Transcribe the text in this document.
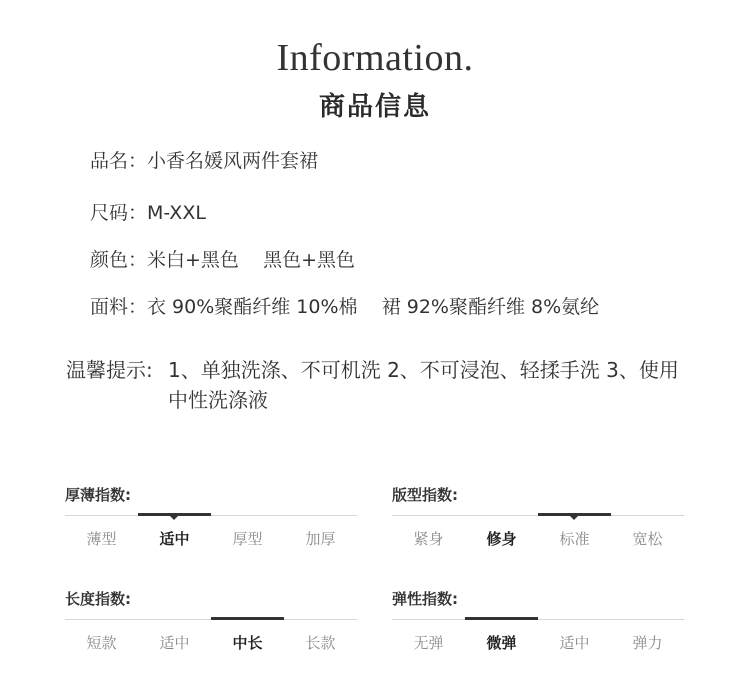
Information.
商品信息
品名：小香名媛风两件套裙
尺码：M-XXL
颜色：米白+黑色    黑色+黑色
面料：衣 90%聚酯纤维 10%棉    裙 92%聚酯纤维 8%氨纶
温馨提示: 1、单独洗涤、不可机洗 2、不可浸泡、轻揉手洗 3、使用中性洗涤液
厚薄指数:
薄型	适中	厚型	加厚
版型指数:
紧身	修身	标准	宽松
长度指数:
短款	适中	中长	长款
弹性指数:
无弹	微弹	适中	弹力
